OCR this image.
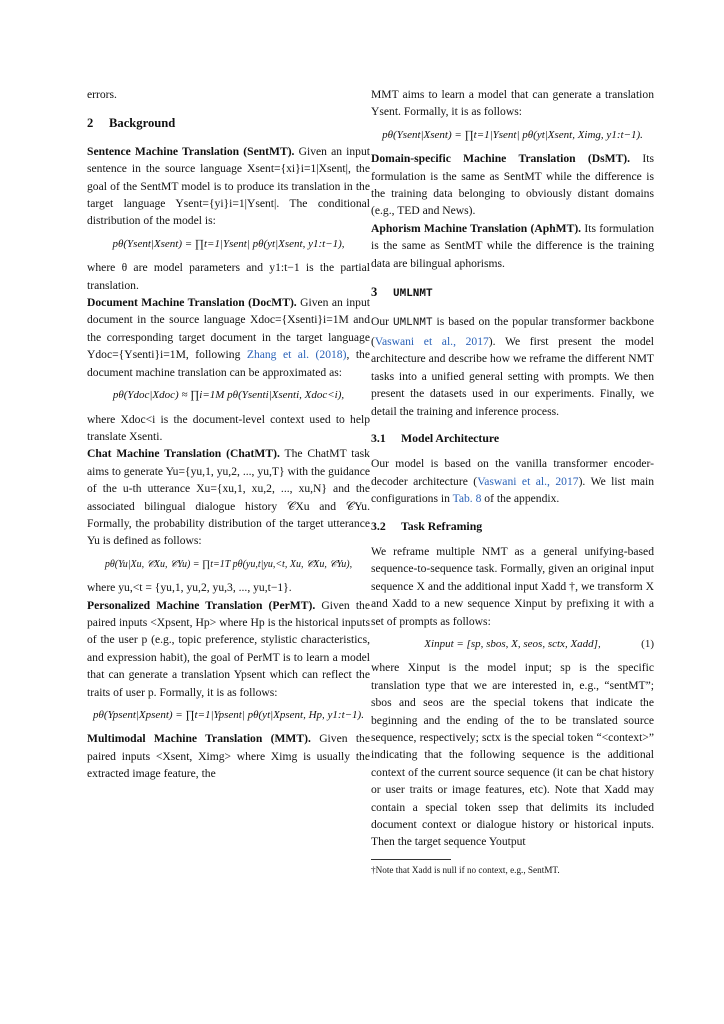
errors.

2 Background

Sentence Machine Translation (SentMT). Given an input sentence in the source language Xsent={xi}i=1|Xsent|, the goal of the SentMT model is to produce its translation in the target language Ysent={yi}i=1|Ysent|. The conditional distribution of the model is:

pθ(Ysent|Xsent) = ∏t=1|Ysent| pθ(yt|Xsent, y1:t−1),

where θ are model parameters and y1:t−1 is the partial translation.

Document Machine Translation (DocMT). Given an input document in the source language Xdoc={Xsenti}i=1M and the corresponding target document in the target language Ydoc={Ysenti}i=1M, following Zhang et al. (2018), the document machine translation can be approximated as:

pθ(Ydoc|Xdoc) ≈ ∏i=1M pθ(Ysenti|Xsenti, Xdoc<i),

where Xdoc<i is the document-level context used to help translate Xsenti.

Chat Machine Translation (ChatMT). The ChatMT task aims to generate Yu={yu,1, yu,2, ..., yu,T} with the guidance of the u-th utterance Xu={xu,1, xu,2, ..., xu,N} and the associated bilingual dialogue history 𝒞Xu and 𝒞Yu. Formally, the probability distribution of the target utterance Yu is defined as follows:

pθ(Yu|Xu, 𝒞Xu, 𝒞Yu) = ∏t=1T pθ(yu,t|yu,<t, Xu, 𝒞Xu, 𝒞Yu),

where yu,<t = {yu,1, yu,2, yu,3, ..., yu,t−1}.

Personalized Machine Translation (PerMT). Given the paired inputs <Xpsent, Hp> where Hp is the historical inputs of the user p (e.g., topic preference, stylistic characteristics, and expression habit), the goal of PerMT is to learn a model that can generate a translation Ypsent which can reflect the traits of user p. Formally, it is as follows:

pθ(Ypsent|Xpsent) = ∏t=1|Ypsent| pθ(yt|Xpsent, Hp, y1:t−1).

Multimodal Machine Translation (MMT). Given the paired inputs <Xsent, Ximg> where Ximg is usually the extracted image feature, the

MMT aims to learn a model that can generate a translation Ysent. Formally, it is as follows:

pθ(Ysent|Xsent) = ∏t=1|Ysent| pθ(yt|Xsent, Ximg, y1:t−1).

Domain-specific Machine Translation (DsMT). Its formulation is the same as SentMT while the difference is the training data belonging to obviously distant domains (e.g., TED and News).

Aphorism Machine Translation (AphMT). Its formulation is the same as SentMT while the difference is the training data are bilingual aphorisms.

3 UMLNMT

Our UMLNMT is based on the popular transformer backbone (Vaswani et al., 2017). We first present the model architecture and describe how we reframe the different NMT tasks into a unified general setting with prompts. We then present the datasets used in our experiments. Finally, we detail the training and inference process.

3.1 Model Architecture

Our model is based on the vanilla transformer encoder-decoder architecture (Vaswani et al., 2017). We list main configurations in Tab. 8 of the appendix.

3.2 Task Reframing

We reframe multiple NMT as a general unifying-based sequence-to-sequence task. Formally, given an original input sequence X and the additional input Xadd †, we transform X and Xadd to a new sequence Xinput by prefixing it with a set of prompts as follows:

Xinput = [sp, sbos, X, seos, sctx, Xadd],	(1)

where Xinput is the model input; sp is the specific translation type that we are interested in, e.g., “sentMT”; sbos and seos are the special tokens that indicate the beginning and the ending of the to be translated source sequence, respectively; sctx is the special token “<context>” indicating that the following sequence is the additional context of the current source sequence (it can be chat history or user traits or image features, etc). Note that Xadd may contain a special token ssep that delimits its included document context or dialogue history or historical inputs. Then the target sequence Youtput

†Note that Xadd is null if no context, e.g., SentMT.
